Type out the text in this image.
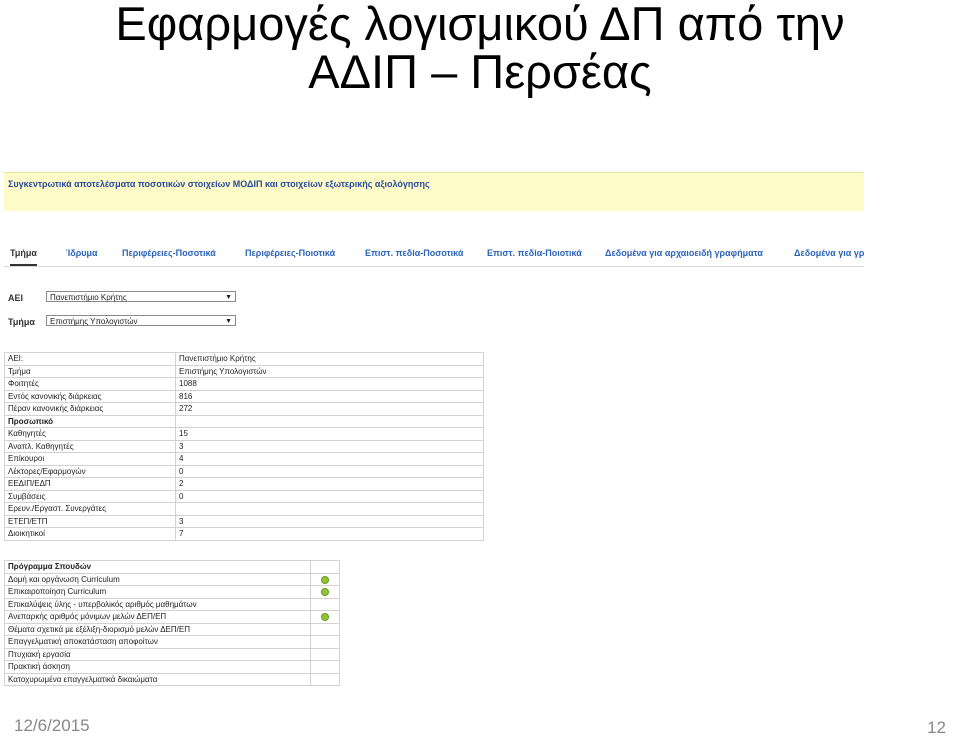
Εφαρμογές λογισμικού ΔΠ από την
ΑΔΙΠ – Περσέας
Συγκεντρωτικά αποτελέσματα ποσοτικών στοιχείων ΜΟΔΙΠ και στοιχείων εξωτερικής αξιολόγησης
Τμήμα	Ίδρυμα	Περιφέρειες-Ποσοτικά	Περιφέρειες-Ποιοτικά	Επιστ. πεδία-Ποσοτικά	Επιστ. πεδία-Ποιοτικά	Δεδομένα για αρχαιοειδή γραφήματα	Δεδομένα για γρ
ΑΕΙ	Πανεπιστήμιο Κρήτης	▼
Τμήμα	Επιστήμης Υπολογιστών	▼
ΑΕΙ:	Πανεπιστήμιο Κρήτης
Τμήμα	Επιστήμης Υπολογιστών
Φοιτητές	1088
Εντός κανονικής διάρκειας	816
Πέραν κανονικής διάρκειας	272
Προσωπικό	
Καθηγητές	15
Αναπλ. Καθηγητές	3
Επίκουροι	4
Λέκτορες/Εφαρμογών	0
ΕΕΔΙΠ/ΕΔΠ	2
Συμβάσεις	0
Ερευν./Εργαστ. Συνεργάτες	
ΕΤΕΠ/ΕΤΠ	3
Διοικητικοί	7
Πρόγραμμα Σπουδών	
Δομή και οργάνωση Curriculum	
Επικαιροποίηση Curriculum	
Επικαλύψεις ύλης - υπερβολικός αριθμός μαθημάτων	
Ανεπαρκής αριθμός μόνιμων μελών ΔΕΠ/ΕΠ	
Θέματα σχετικά με εξέλιξη-διορισμό μελών ΔΕΠ/ΕΠ	
Επαγγελματική αποκατάσταση αποφοίτων	
Πτυχιακή εργασία	
Πρακτική άσκηση	
Κατοχυρωμένα επαγγελματικά δικαιώματα	
12/6/2015	12
